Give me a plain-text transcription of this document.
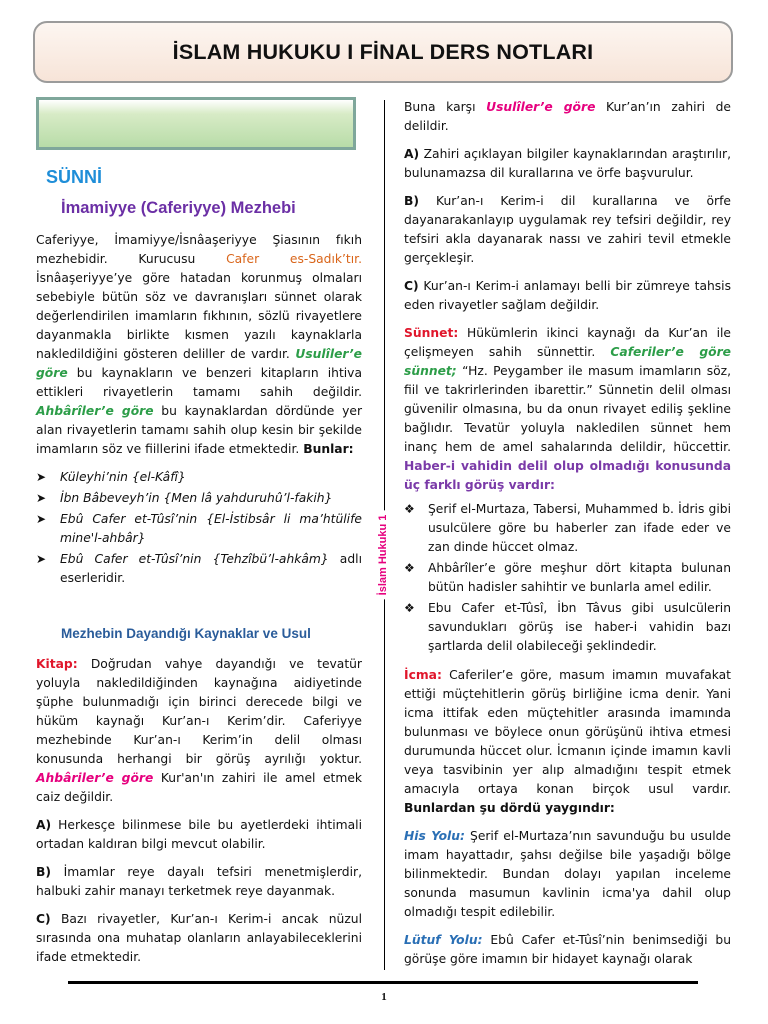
İSLAM HUKUKU I FİNAL DERS NOTLARI
SÜNNİ
İmamiyye (Caferiyye) Mezhebi

Caferiyye, İmamiyye/İsnâaşeriyye Şiasının fıkıh mezhebidir. Kurucusu Cafer es-Sadık’tır. İsnâaşeriyye’ye göre hatadan korunmuş olmaları sebebiyle bütün söz ve davranışları sünnet olarak değerlendirilen imamların fıkhının, sözlü rivayetlere dayanmakla birlikte kısmen yazılı kaynaklarla nakledildiğini gösteren deliller de vardır. Usulîler’e göre bu kaynakların ve benzeri kitapların ihtiva ettikleri rivayetlerin tamamı sahih değildir. Ahbârîler’e göre bu kaynaklardan dördünde yer alan rivayetlerin tamamı sahih olup kesin bir şekilde imamların söz ve fiillerini ifade etmektedir. Bunlar:

➤ Küleyhi’nin {el-Kâfî}
➤ İbn Bâbeveyh’in {Men lâ yahduruhû’l-fakih}
➤ Ebû Cafer et-Tûsî’nin {El-İstibsâr li ma’htülife mine'l-ahbâr}
➤ Ebû Cafer et-Tûsî’nin {Tehzîbü’l-ahkâm} adlı eserleridir.
Mezhebin Dayandığı Kaynaklar ve Usul

Kitap: Doğrudan vahye dayandığı ve tevatür yoluyla nakledildiğinden kaynağına aidiyetinde şüphe bulunmadığı için birinci derecede bilgi ve hüküm kaynağı Kur’an-ı Kerim’dir. Caferiyye mezhebinde Kur’an-ı Kerim’in delil olması konusunda herhangi bir görüş ayrılığı yoktur. Ahbâriler’e göre Kur'an'ın zahiri ile amel etmek caiz değildir.

A) Herkesçe bilinmese bile bu ayetlerdeki ihtimali ortadan kaldıran bilgi mevcut olabilir.

B) İmamlar reye dayalı tefsiri menetmişlerdir, halbuki zahir manayı terketmek reye dayanmak.

C) Bazı rivayetler, Kur’an-ı Kerim-i ancak nüzul sırasında ona muhatap olanların anlayabileceklerini ifade etmektedir.

İslam Hukuku 1

Buna karşı Usulîler’e göre Kur’an’ın zahiri de delildir.

A) Zahiri açıklayan bilgiler kaynaklarından araştırılır, bulunamazsa dil kurallarına ve örfe başvurulur.

B) Kur’an-ı Kerim-i dil kurallarına ve örfe dayanarakanlayıp uygulamak rey tefsiri değildir, rey tefsiri akla dayanarak nassı ve zahiri tevil etmekle gerçekleşir.

C) Kur’an-ı Kerim-i anlamayı belli bir zümreye tahsis eden rivayetler sağlam değildir.

Sünnet: Hükümlerin ikinci kaynağı da Kur’an ile çelişmeyen sahih sünnettir. Caferiler’e göre sünnet; “Hz. Peygamber ile masum imamların söz, fiil ve takrirlerinden ibarettir.” Sünnetin delil olması güvenilir olmasına, bu da onun rivayet ediliş şekline bağlıdır. Tevatür yoluyla nakledilen sünnet hem inanç hem de amel sahalarında delildir, hüccettir. Haber-i vahidin delil olup olmadığı konusunda üç farklı görüş vardır:

❖ Şerif el-Murtaza, Tabersi, Muhammed b. İdris gibi usulcülere göre bu haberler zan ifade eder ve zan dinde hüccet olmaz.
❖ Ahbârîler’e göre meşhur dört kitapta bulunan bütün hadisler sahihtir ve bunlarla amel edilir.
❖ Ebu Cafer et-Tûsî, İbn Tâvus gibi usulcülerin savundukları görüş ise haber-i vahidin bazı şartlarda delil olabileceği şeklindedir.

İcma: Caferiler’e göre, masum imamın muvafakat ettiği müçtehitlerin görüş birliğine icma denir. Yani icma ittifak eden müçtehitler arasında imamında bulunması ve böylece onun görüşünü ihtiva etmesi durumunda hüccet olur. İcmanın içinde imamın kavli veya tasvibinin yer alıp almadığını tespit etmek amacıyla ortaya konan birçok usul vardır. Bunlardan şu dördü yaygındır:

His Yolu: Şerif el-Murtaza’nın savunduğu bu usulde imam hayattadır, şahsı değilse bile yaşadığı bölge bilinmektedir. Bundan dolayı yapılan inceleme sonunda masumun kavlinin icma'ya dahil olup olmadığı tespit edilebilir.

Lütuf Yolu: Ebû Cafer et-Tûsî’nin benimsediği bu görüşe göre imamın bir hidayet kaynağı olarak

1
